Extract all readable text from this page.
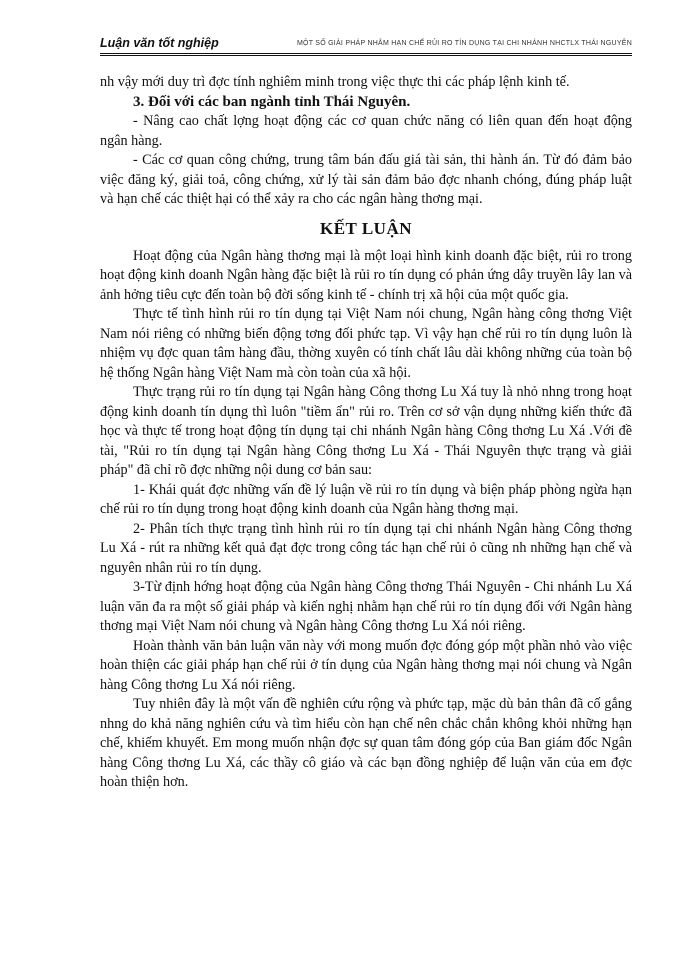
Luận văn tốt nghiệp	MỘT SỐ GIẢI PHÁP NHẰM HẠN CHẾ RỦI RO TÍN DỤNG TẠI CHI NHÁNH NHCTLX THÁI NGUYÊN

nh vậy mới duy trì đợc tính nghiêm minh trong việc thực thi các pháp lệnh kinh tế.

3. Đối với các ban ngành tỉnh Thái Nguyên.

- Nâng cao chất lợng hoạt động các cơ quan chức năng có liên quan đến hoạt động ngân hàng.

- Các cơ quan công chứng, trung tâm bán đấu giá tài sản, thi hành án. Từ đó đảm bảo việc đăng ký, giải toả, công chứng, xử lý tài sản đảm bảo đợc nhanh chóng, đúng pháp luật và hạn chế các thiệt hại có thể xảy ra cho các ngân hàng thơng mại.

KẾT LUẬN

Hoạt động của Ngân hàng thơng mại là một loại hình kinh doanh đặc biệt, rủi ro trong hoạt động kinh doanh Ngân hàng đặc biệt là rủi ro tín dụng có phản ứng dây truyền lây lan và ảnh hởng tiêu cực đến toàn bộ đời sống kinh tế - chính trị xã hội của một quốc gia.

Thực tế tình hình rủi ro tín dụng tại Việt Nam nói chung, Ngân hàng công thơng Việt Nam nói riêng có những biến động tơng đối phức tạp. Vì vậy hạn chế rủi ro tín dụng luôn là nhiệm vụ đợc quan tâm hàng đầu, thờng xuyên có tính chất lâu dài không những của toàn bộ hệ thống Ngân hàng Việt Nam mà còn toàn của xã hội.

Thực trạng rủi ro tín dụng tại Ngân hàng Công thơng Lu Xá tuy là nhỏ nhng trong hoạt động kinh doanh tín dụng thì luôn "tiềm ẩn" rủi ro. Trên cơ sở vận dụng những kiến thức đã học và thực tế trong hoạt động tín dụng tại chi nhánh Ngân hàng Công thơng Lu Xá .Với đề tài, "Rủi ro tín dụng tại Ngân hàng Công thơng Lu Xá - Thái Nguyên thực trạng và giải pháp" đã chỉ rõ đợc những nội dung cơ bản sau:

1- Khái quát đợc những vấn đề lý luận về rủi ro tín dụng và biện pháp phòng ngừa hạn chế rủi ro tín dụng trong hoạt động kinh doanh của Ngân hàng thơng mại.

2- Phân tích thực trạng tình hình rủi ro tín dụng tại chi nhánh Ngân hàng Công thơng Lu Xá - rút ra những kết quả đạt đợc trong công tác hạn chế rủi ỏ cũng nh những hạn chế và nguyên nhân rủi ro tín dụng.

3-Từ định hớng hoạt động của Ngân hàng Công thơng Thái Nguyên - Chi nhánh Lu Xá luận văn đa ra một số giải pháp và kiến nghị nhằm hạn chế rủi ro tín dụng đối với Ngân hàng thơng mại Việt Nam nói chung và Ngân hàng Công thơng Lu Xá nói riêng.

Hoàn thành văn bản luận văn này với mong muốn đợc đóng góp một phần nhỏ vào việc hoàn thiện các giải pháp hạn chế rủi ở tín dụng của Ngân hàng thơng mại nói chung và Ngân hàng Công thơng Lu Xá nói riêng.

Tuy nhiên đây là một vấn đề nghiên cứu rộng và phức tạp, mặc dù bản thân đã cố gắng nhng do khả năng nghiên cứu và tìm hiểu còn hạn chế nên chắc chắn không khỏi những hạn chế, khiếm khuyết. Em mong muốn nhận đợc sự quan tâm đóng góp của Ban giám đốc Ngân hàng Công thơng Lu Xá, các thầy cô giáo và các bạn đồng nghiệp để luận văn của em đợc hoàn thiện hơn.
